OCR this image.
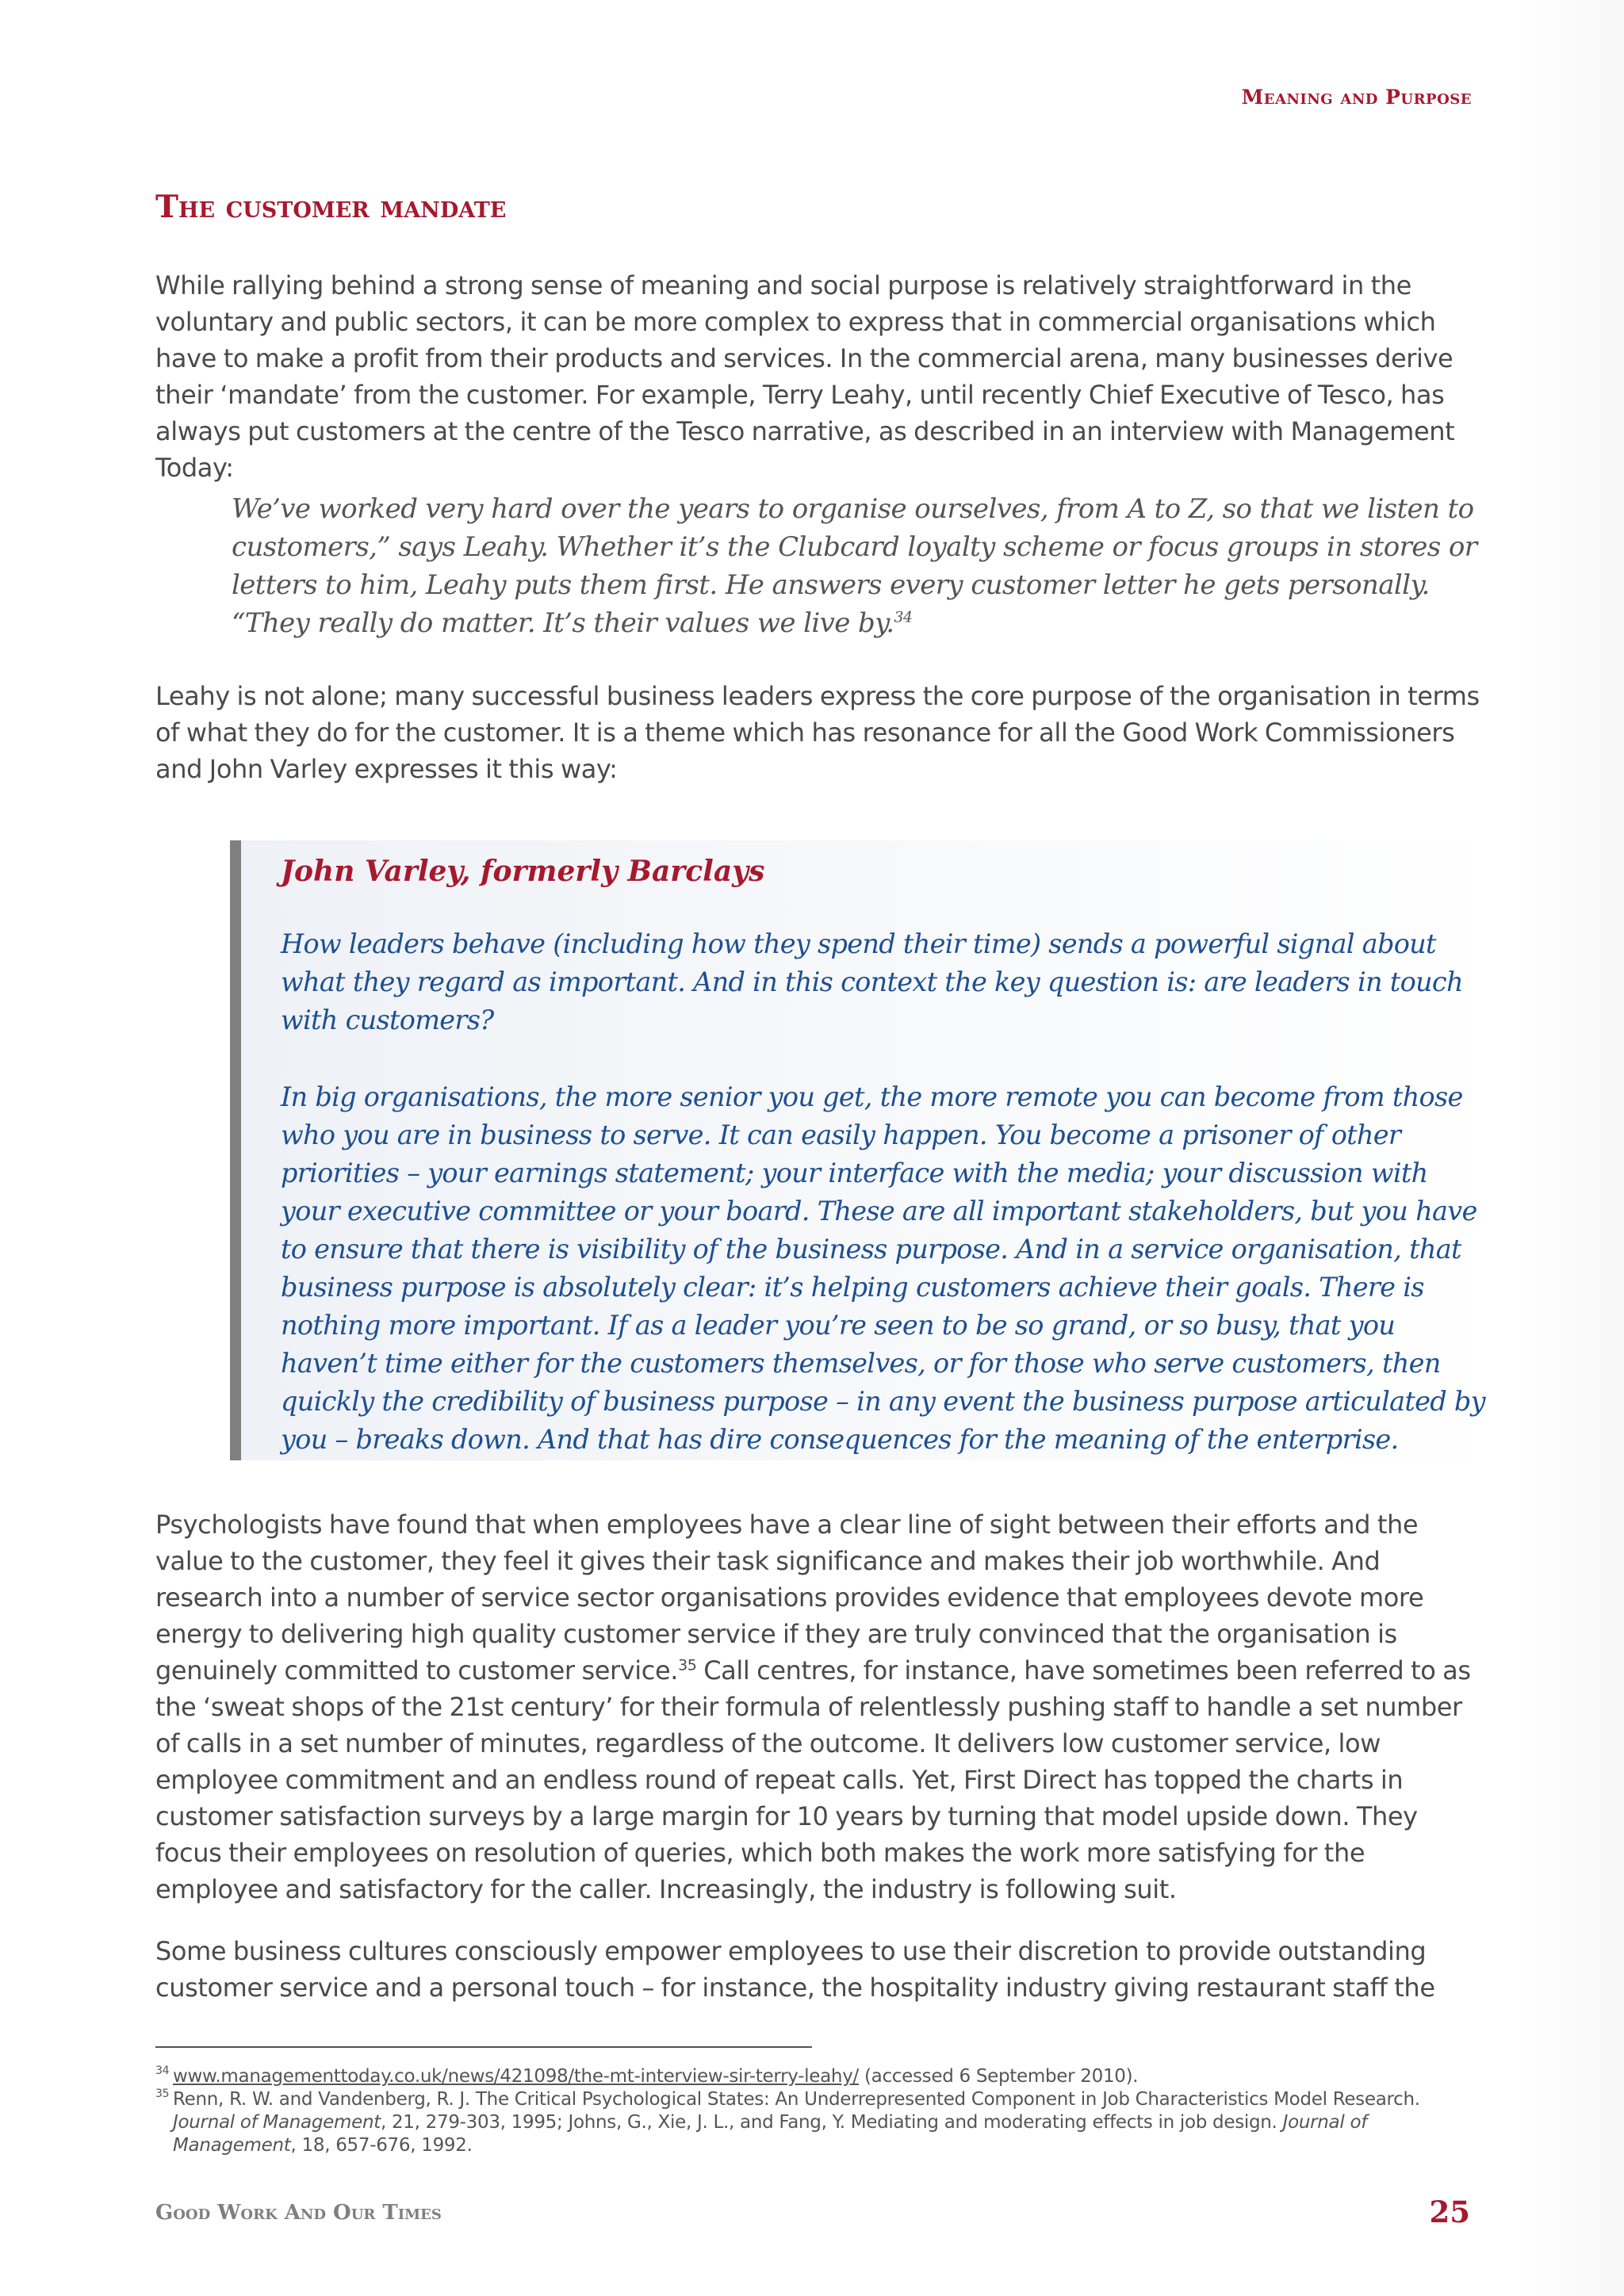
Meaning and Purpose
The customer mandate

While rallying behind a strong sense of meaning and social purpose is relatively straightforward in the voluntary and public sectors, it can be more complex to express that in commercial organisations which have to make a profit from their products and services. In the commercial arena, many businesses derive their ‘mandate’ from the customer. For example, Terry Leahy, until recently Chief Executive of Tesco, has always put customers at the centre of the Tesco narrative, as described in an interview with Management Today:

We’ve worked very hard over the years to organise ourselves, from A to Z, so that we listen to customers,” says Leahy. Whether it’s the Clubcard loyalty scheme or focus groups in stores or letters to him, Leahy puts them first. He answers every customer letter he gets personally. “They really do matter. It’s their values we live by.$^{34}$

Leahy is not alone; many successful business leaders express the core purpose of the organisation in terms of what they do for the customer. It is a theme which has resonance for all the Good Work Commissioners and John Varley expresses it this way:

John Varley, formerly Barclays

How leaders behave (including how they spend their time) sends a powerful signal about what they regard as important. And in this context the key question is: are leaders in touch with customers?

In big organisations, the more senior you get, the more remote you can become from those who you are in business to serve. It can easily happen. You become a prisoner of other priorities – your earnings statement; your interface with the media; your discussion with your executive committee or your board. These are all important stakeholders, but you have to ensure that there is visibility of the business purpose. And in a service organisation, that business purpose is absolutely clear: it’s helping customers achieve their goals. There is nothing more important. If as a leader you’re seen to be so grand, or so busy, that you haven’t time either for the customers themselves, or for those who serve customers, then quickly the credibility of business purpose – in any event the business purpose articulated by you – breaks down. And that has dire consequences for the meaning of the enterprise.

Psychologists have found that when employees have a clear line of sight between their efforts and the value to the customer, they feel it gives their task significance and makes their job worthwhile. And research into a number of service sector organisations provides evidence that employees devote more energy to delivering high quality customer service if they are truly convinced that the organisation is genuinely committed to customer service.$^{35}$ Call centres, for instance, have sometimes been referred to as the ‘sweat shops of the 21st century’ for their formula of relentlessly pushing staff to handle a set number of calls in a set number of minutes, regardless of the outcome. It delivers low customer service, low employee commitment and an endless round of repeat calls. Yet, First Direct has topped the charts in customer satisfaction surveys by a large margin for 10 years by turning that model upside down. They focus their employees on resolution of queries, which both makes the work more satisfying for the employee and satisfactory for the caller. Increasingly, the industry is following suit.

Some business cultures consciously empower employees to use their discretion to provide outstanding customer service and a personal touch – for instance, the hospitality industry giving restaurant staff the

34 www.managementtoday.co.uk/news/421098/the-mt-interview-sir-terry-leahy/ (accessed 6 September 2010).

35 Renn, R. W. and Vandenberg, R. J. The Critical Psychological States: An Underrepresented Component in Job Characteristics Model Research. Journal of Management, 21, 279-303, 1995; Johns, G., Xie, J. L., and Fang, Y. Mediating and moderating effects in job design. Journal of Management, 18, 657-676, 1992.

Good Work And Our Times	25
